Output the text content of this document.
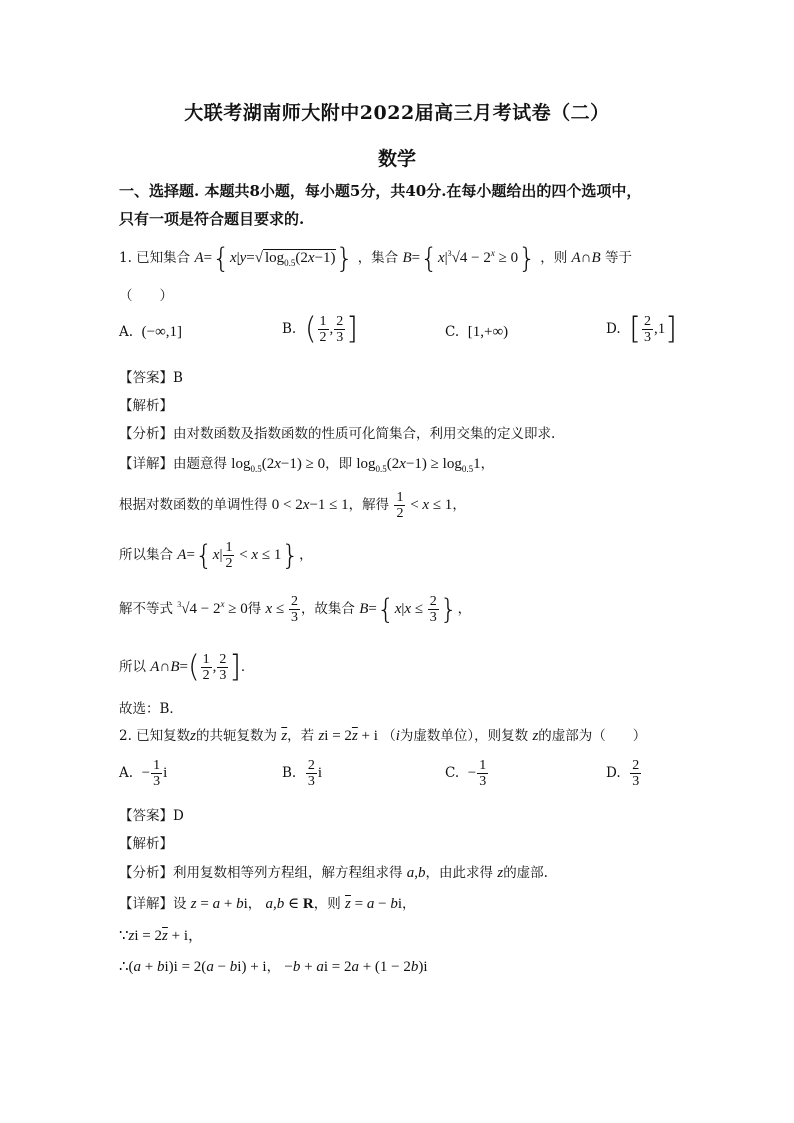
大联考湖南师大附中2022届高三月考试卷（二）
数学
一、选择题. 本题共8小题，每小题5分，共40分.在每小题给出的四个选项中，
只有一项是符合题目要求的.
1. 已知集合 A={x|y=√ $\log_{0.5}(2x-1)$} ，集合 $B=\{x|^3√4 - 2^x \ge 0\}$ ，则 A∩B 等于
（　　）
A. (−∞,1]	B. ( $\frac{1}{2}$ , $\frac{2}{3}$ ]	C. [1,+∞)	D. [ $\frac{2}{3} ,1$]
【答案】B
【解析】
【分析】由对数函数及指数函数的性质可化简集合，利用交集的定义即求.
【详解】由题意得 $\log_{0.5}(2x-1) \ge 0$，即 $\log_{0.5}(2x-1) \ge \log_{0.5}1$，
根据对数函数的单调性得 0 < 2x−1 ≤ 1，解得 $\frac{1}{2} < x \le 1$，
所以集合 $A=\{x| \frac{1}{2} < x \le 1\}$，
解不等式 $^3√4 - 2^x \ge 0$得 $x \le \frac{2}{3}$ ，故集合 $B=\{x|x \le \frac{2}{3}$ }，
所以 A∩B=( $\frac{1}{2}$ , $\frac{2}{3}$ ].
故选：B．
2. 已知复数z的共轭复数为 $\overline{z}$，若 zi = $2\overline{z} + i$ （i为虚数单位），则复数 z的虚部为（　　）
A. − $\frac{1}{3}$ i	B. $\frac{2}{3}$ i	C. − $\frac{1}{3}$	D. $\frac{2}{3}$
【答案】D
【解析】
【分析】利用复数相等列方程组，解方程组求得 a,b，由此求得 z的虚部.
【详解】设 z = a + bi， a,b ∈ R，则 $\overline{z} = a$ − bi，
∵zi = $2\overline{z} + i$，
∴(a + bi)i = 2(a − bi) + i， −b + ai = 2a + (1 − 2b)i
